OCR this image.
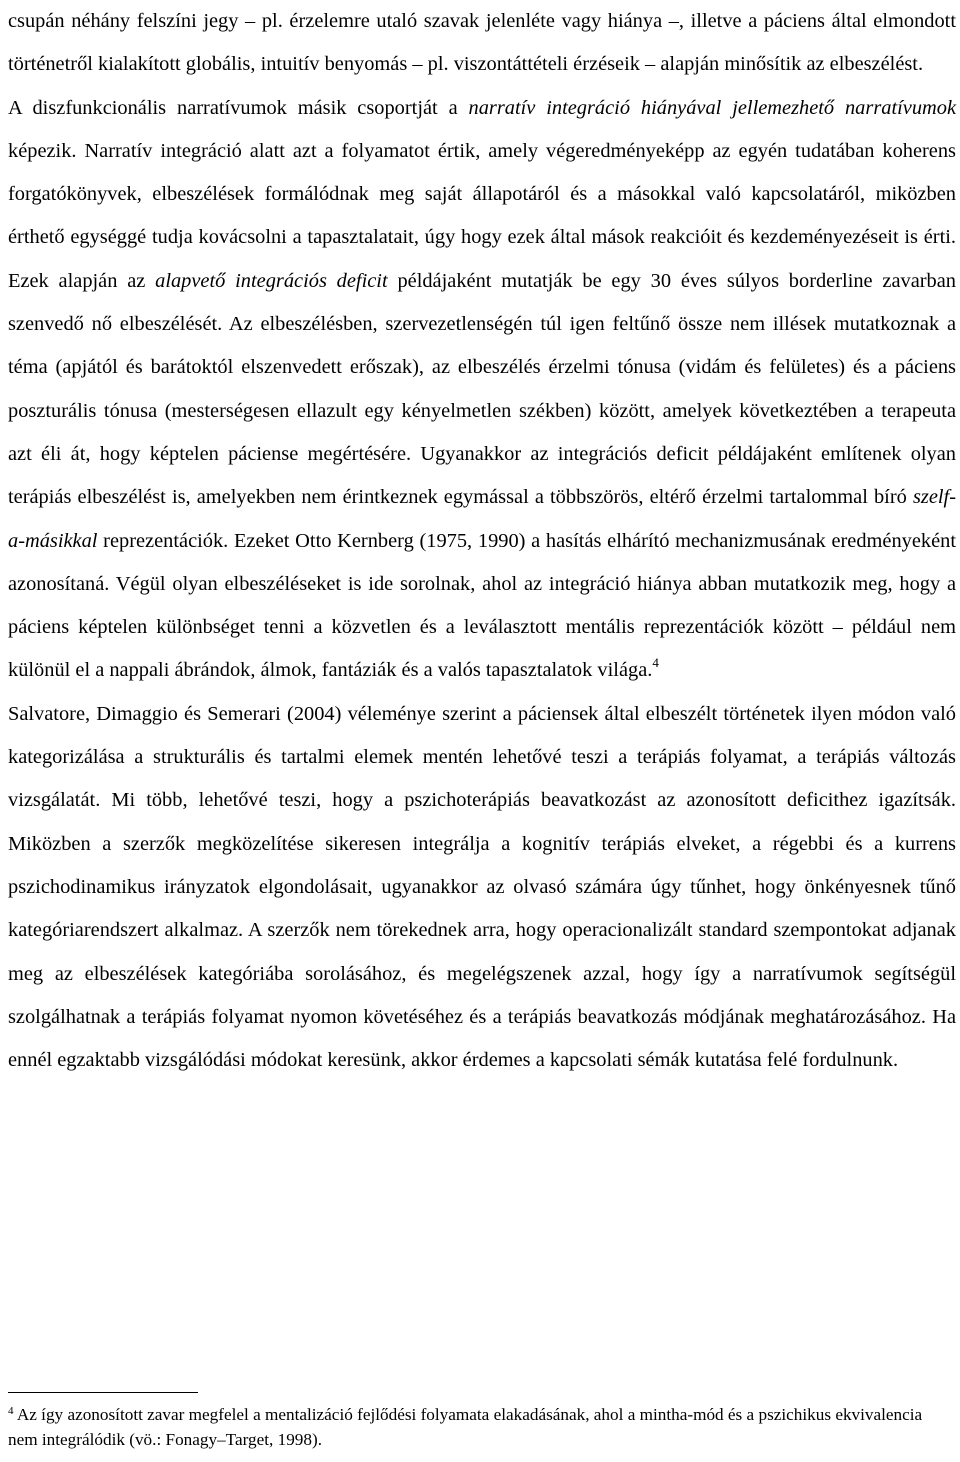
csupán néhány felszíni jegy – pl. érzelemre utaló szavak jelenléte vagy hiánya –, illetve a páciens által elmondott történetről kialakított globális, intuitív benyomás – pl. viszontáttételi érzéseik – alapján minősítik az elbeszélést.

A diszfunkcionális narratívumok másik csoportját a narratív integráció hiányával jellemezhető narratívumok képezik. Narratív integráció alatt azt a folyamatot értik, amely végeredményeképp az egyén tudatában koherens forgatókönyvek, elbeszélések formálódnak meg saját állapotáról és a másokkal való kapcsolatáról, miközben érthető egységgé tudja kovácsolni a tapasztalatait, úgy hogy ezek által mások reakcióit és kezdeményezéseit is érti. Ezek alapján az alapvető integrációs deficit példájaként mutatják be egy 30 éves súlyos borderline zavarban szenvedő nő elbeszélését. Az elbeszélésben, szervezetlenségén túl igen feltűnő össze nem illések mutatkoznak a téma (apjától és barátoktól elszenvedett erőszak), az elbeszélés érzelmi tónusa (vidám és felületes) és a páciens poszturális tónusa (mesterségesen ellazult egy kényelmetlen székben) között, amelyek következtében a terapeuta azt éli át, hogy képtelen páciense megértésére. Ugyanakkor az integrációs deficit példájaként említenek olyan terápiás elbeszélést is, amelyekben nem érintkeznek egymással a többszörös, eltérő érzelmi tartalommal bíró szelf-a-másikkal reprezentációk. Ezeket Otto Kernberg (1975, 1990) a hasítás elhárító mechanizmusának eredményeként azonosítaná. Végül olyan elbeszéléseket is ide sorolnak, ahol az integráció hiánya abban mutatkozik meg, hogy a páciens képtelen különbséget tenni a közvetlen és a leválasztott mentális reprezentációk között – például nem különül el a nappali ábrándok, álmok, fantáziák és a valós tapasztalatok világa.$^4$

Salvatore, Dimaggio és Semerari (2004) véleménye szerint a páciensek által elbeszélt történetek ilyen módon való kategorizálása a strukturális és tartalmi elemek mentén lehetővé teszi a terápiás folyamat, a terápiás változás vizsgálatát. Mi több, lehetővé teszi, hogy a pszichoterápiás beavatkozást az azonosított deficithez igazítsák. Miközben a szerzők megközelítése sikeresen integrálja a kognitív terápiás elveket, a régebbi és a kurrens pszichodinamikus irányzatok elgondolásait, ugyanakkor az olvasó számára úgy tűnhet, hogy önkényesnek tűnő kategóriarendszert alkalmaz. A szerzők nem törekednek arra, hogy operacionalizált standard szempontokat adjanak meg az elbeszélések kategóriába sorolásához, és megelégszenek azzal, hogy így a narratívumok segítségül szolgálhatnak a terápiás folyamat nyomon követéséhez és a terápiás beavatkozás módjának meghatározásához. Ha ennél egzaktabb vizsgálódási módokat keresünk, akkor érdemes a kapcsolati sémák kutatása felé fordulnunk.

$^4$ Az így azonosított zavar megfelel a mentalizáció fejlődési folyamata elakadásának, ahol a mintha-mód és a pszichikus ekvivalencia nem integrálódik (vö.: Fonagy–Target, 1998).
